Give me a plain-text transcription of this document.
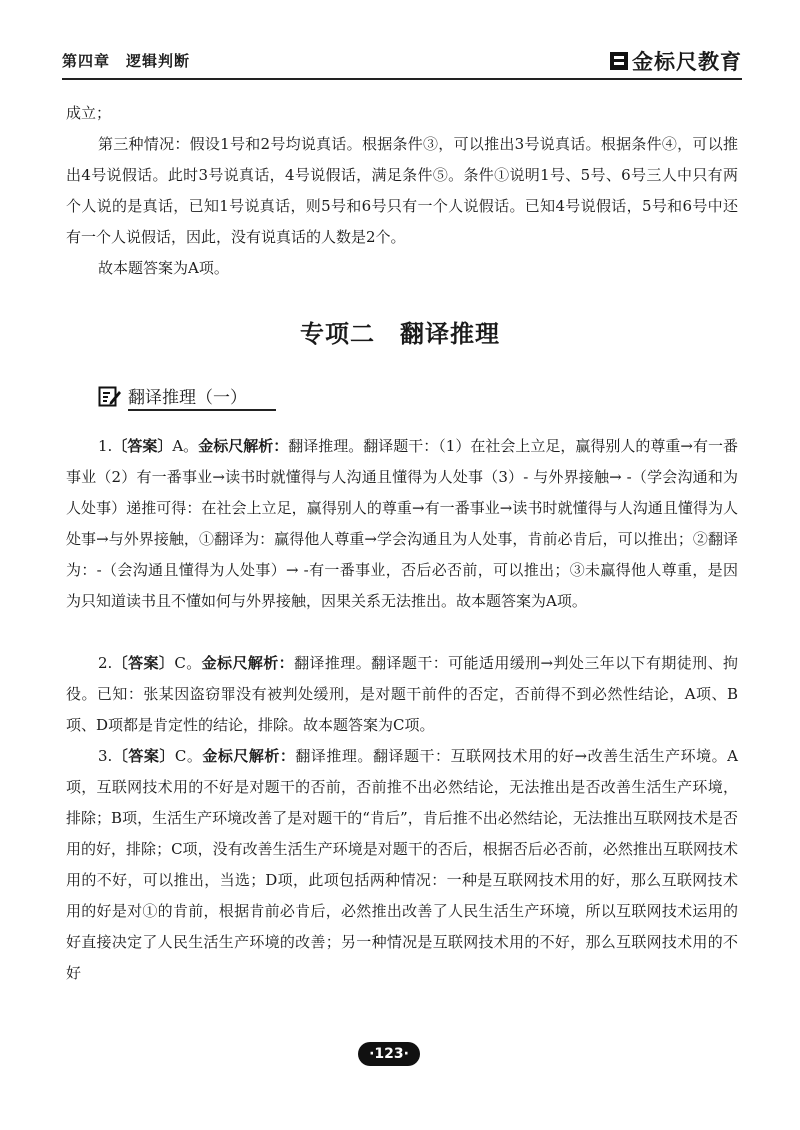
第四章　逻辑判断	金标尺教育

成立；

第三种情况：假设1号和2号均说真话。根据条件③，可以推出3号说真话。根据条件④，可以推出4号说假话。此时3号说真话，4号说假话，满足条件⑤。条件①说明1号、5号、6号三人中只有两个人说的是真话，已知1号说真话，则5号和6号只有一个人说假话。已知4号说假话，5号和6号中还有一个人说假话，因此，没有说真话的人数是2个。

故本题答案为A项。

专项二　翻译推理
翻译推理（一）

1.〔答案〕A。金标尺解析：翻译推理。翻译题干：（1）在社会上立足，赢得别人的尊重→有一番事业（2）有一番事业→读书时就懂得与人沟通且懂得为人处事（3）- 与外界接触→ -（学会沟通和为人处事）递推可得：在社会上立足，赢得别人的尊重→有一番事业→读书时就懂得与人沟通且懂得为人处事→与外界接触，①翻译为：赢得他人尊重→学会沟通且为人处事，肯前必肯后，可以推出；②翻译为：-（会沟通且懂得为人处事）→ -有一番事业，否后必否前，可以推出；③未赢得他人尊重，是因为只知道读书且不懂如何与外界接触，因果关系无法推出。故本题答案为A项。

2.〔答案〕C。金标尺解析：翻译推理。翻译题干：可能适用缓刑→判处三年以下有期徒刑、拘役。已知：张某因盗窃罪没有被判处缓刑，是对题干前件的否定，否前得不到必然性结论，A项、B项、D项都是肯定性的结论，排除。故本题答案为C项。

3.〔答案〕C。金标尺解析：翻译推理。翻译题干：互联网技术用的好→改善生活生产环境。A项，互联网技术用的不好是对题干的否前，否前推不出必然结论，无法推出是否改善生活生产环境，排除；B项，生活生产环境改善了是对题干的“肯后”，肯后推不出必然结论，无法推出互联网技术是否用的好，排除；C项，没有改善生活生产环境是对题干的否后，根据否后必否前，必然推出互联网技术用的不好，可以推出，当选；D项，此项包括两种情况：一种是互联网技术用的好，那么互联网技术用的好是对①的肯前，根据肯前必肯后，必然推出改善了人民生活生产环境，所以互联网技术运用的好直接决定了人民生活生产环境的改善；另一种情况是互联网技术用的不好，那么互联网技术用的不好

·123·
